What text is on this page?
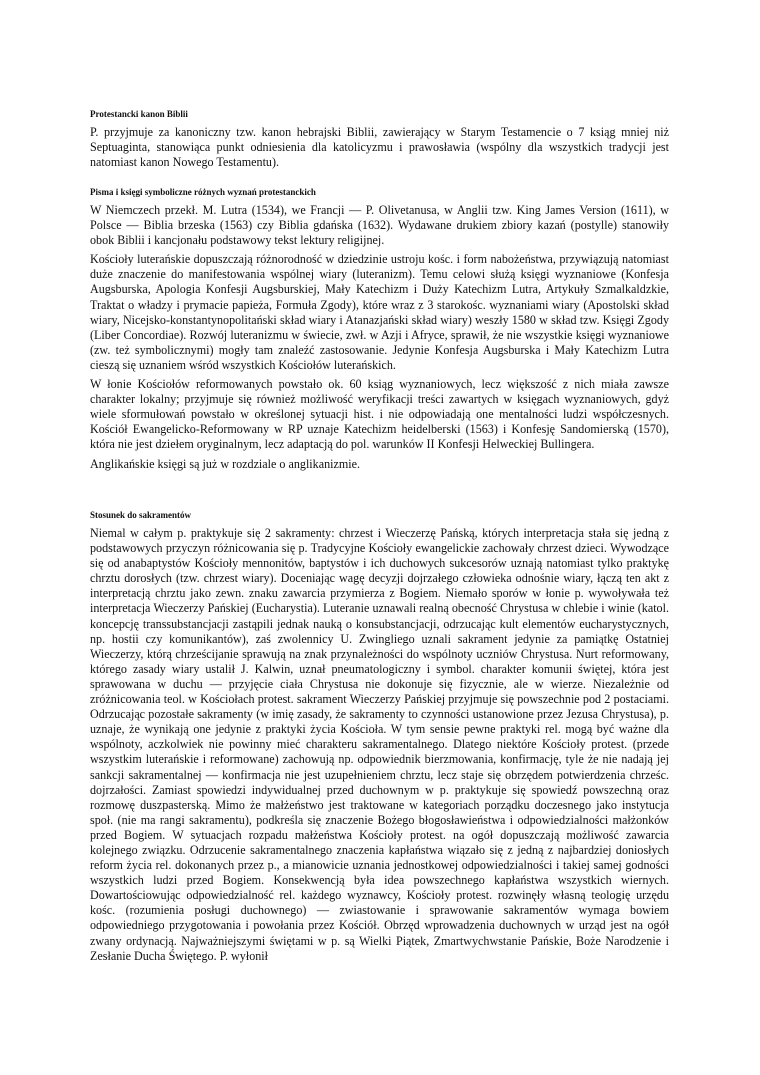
Protestancki kanon Biblii

P. przyjmuje za kanoniczny tzw. kanon hebrajski Biblii, zawierający w Starym Testamencie o 7 ksiąg mniej niż Septuaginta, stanowiąca punkt odniesienia dla katolicyzmu i prawosławia (wspólny dla wszystkich tradycji jest natomiast kanon Nowego Testamentu).

Pisma i księgi symboliczne różnych wyznań protestanckich

W Niemczech przekł. M. Lutra (1534), we Francji — P. Olivetanusa, w Anglii tzw. King James Version (1611), w Polsce — Biblia brzeska (1563) czy Biblia gdańska (1632). Wydawane drukiem zbiory kazań (postylle) stanowiły obok Biblii i kancjonału podstawowy tekst lektury religijnej.

Kościoły luterańskie dopuszczają różnorodność w dziedzinie ustroju kośc. i form nabożeństwa, przywiązują natomiast duże znaczenie do manifestowania wspólnej wiary (luteranizm). Temu celowi służą księgi wyznaniowe (Konfesja Augsburska, Apologia Konfesji Augsburskiej, Mały Katechizm i Duży Katechizm Lutra, Artykuły Szmalkaldzkie, Traktat o władzy i prymacie papieża, Formuła Zgody), które wraz z 3 starokośc. wyznaniami wiary (Apostolski skład wiary, Nicejsko-konstantynopolitański skład wiary i Atanazjański skład wiary) weszły 1580 w skład tzw. Księgi Zgody (Liber Concordiae). Rozwój luteranizmu w świecie, zwł. w Azji i Afryce, sprawił, że nie wszystkie księgi wyznaniowe (zw. też symbolicznymi) mogły tam znaleźć zastosowanie. Jedynie Konfesja Augsburska i Mały Katechizm Lutra cieszą się uznaniem wśród wszystkich Kościołów luterańskich.

W łonie Kościołów reformowanych powstało ok. 60 ksiąg wyznaniowych, lecz większość z nich miała zawsze charakter lokalny; przyjmuje się również możliwość weryfikacji treści zawartych w księgach wyznaniowych, gdyż wiele sformułowań powstało w określonej sytuacji hist. i nie odpowiadają one mentalności ludzi współczesnych. Kościół Ewangelicko-Reformowany w RP uznaje Katechizm heidelberski (1563) i Konfesję Sandomierską (1570), która nie jest dziełem oryginalnym, lecz adaptacją do pol. warunków II Konfesji Helweckiej Bullingera.

Anglikańskie księgi są już w rozdziale o anglikanizmie.

Stosunek do sakramentów

Niemal w całym p. praktykuje się 2 sakramenty: chrzest i Wieczerzę Pańską, których interpretacja stała się jedną z podstawowych przyczyn różnicowania się p. Tradycyjne Kościoły ewangelickie zachowały chrzest dzieci. Wywodzące się od anabaptystów Kościoły mennonitów, baptystów i ich duchowych sukcesorów uznają natomiast tylko praktykę chrztu dorosłych (tzw. chrzest wiary). Doceniając wagę decyzji dojrzałego człowieka odnośnie wiary, łączą ten akt z interpretacją chrztu jako zewn. znaku zawarcia przymierza z Bogiem. Niemało sporów w łonie p. wywoływała też interpretacja Wieczerzy Pańskiej (Eucharystia). Luteranie uznawali realną obecność Chrystusa w chlebie i winie (katol. koncepcję transsubstancjacji zastąpili jednak nauką o konsubstancjacji, odrzucając kult elementów eucharystycznych, np. hostii czy komunikantów), zaś zwolennicy U. Zwingliego uznali sakrament jedynie za pamiątkę Ostatniej Wieczerzy, którą chrześcijanie sprawują na znak przynależności do wspólnoty uczniów Chrystusa. Nurt reformowany, którego zasady wiary ustalił J. Kalwin, uznał pneumatologiczny i symbol. charakter komunii świętej, która jest sprawowana w duchu — przyjęcie ciała Chrystusa nie dokonuje się fizycznie, ale w wierze. Niezależnie od zróżnicowania teol. w Kościołach protest. sakrament Wieczerzy Pańskiej przyjmuje się powszechnie pod 2 postaciami. Odrzucając pozostałe sakramenty (w imię zasady, że sakramenty to czynności ustanowione przez Jezusa Chrystusa), p. uznaje, że wynikają one jedynie z praktyki życia Kościoła. W tym sensie pewne praktyki rel. mogą być ważne dla wspólnoty, aczkolwiek nie powinny mieć charakteru sakramentalnego. Dlatego niektóre Kościoły protest. (przede wszystkim luterańskie i reformowane) zachowują np. odpowiednik bierzmowania, konfirmację, tyle że nie nadają jej sankcji sakramentalnej — konfirmacja nie jest uzupełnieniem chrztu, lecz staje się obrzędem potwierdzenia chrześc. dojrzałości. Zamiast spowiedzi indywidualnej przed duchownym w p. praktykuje się spowiedź powszechną oraz rozmowę duszpasterską. Mimo że małżeństwo jest traktowane w kategoriach porządku doczesnego jako instytucja społ. (nie ma rangi sakramentu), podkreśla się znaczenie Bożego błogosławieństwa i odpowiedzialności małżonków przed Bogiem. W sytuacjach rozpadu małżeństwa Kościoły protest. na ogół dopuszczają możliwość zawarcia kolejnego związku. Odrzucenie sakramentalnego znaczenia kapłaństwa wiązało się z jedną z najbardziej doniosłych reform życia rel. dokonanych przez p., a mianowicie uznania jednostkowej odpowiedzialności i takiej samej godności wszystkich ludzi przed Bogiem. Konsekwencją była idea powszechnego kapłaństwa wszystkich wiernych. Dowartościowując odpowiedzialność rel. każdego wyznawcy, Kościoły protest. rozwinęły własną teologię urzędu kośc. (rozumienia posługi duchownego) — zwiastowanie i sprawowanie sakramentów wymaga bowiem odpowiedniego przygotowania i powołania przez Kościół. Obrzęd wprowadzenia duchownych w urząd jest na ogół zwany ordynacją. Najważniejszymi świętami w p. są Wielki Piątek, Zmartwychwstanie Pańskie, Boże Narodzenie i Zesłanie Ducha Świętego. P. wyłonił
